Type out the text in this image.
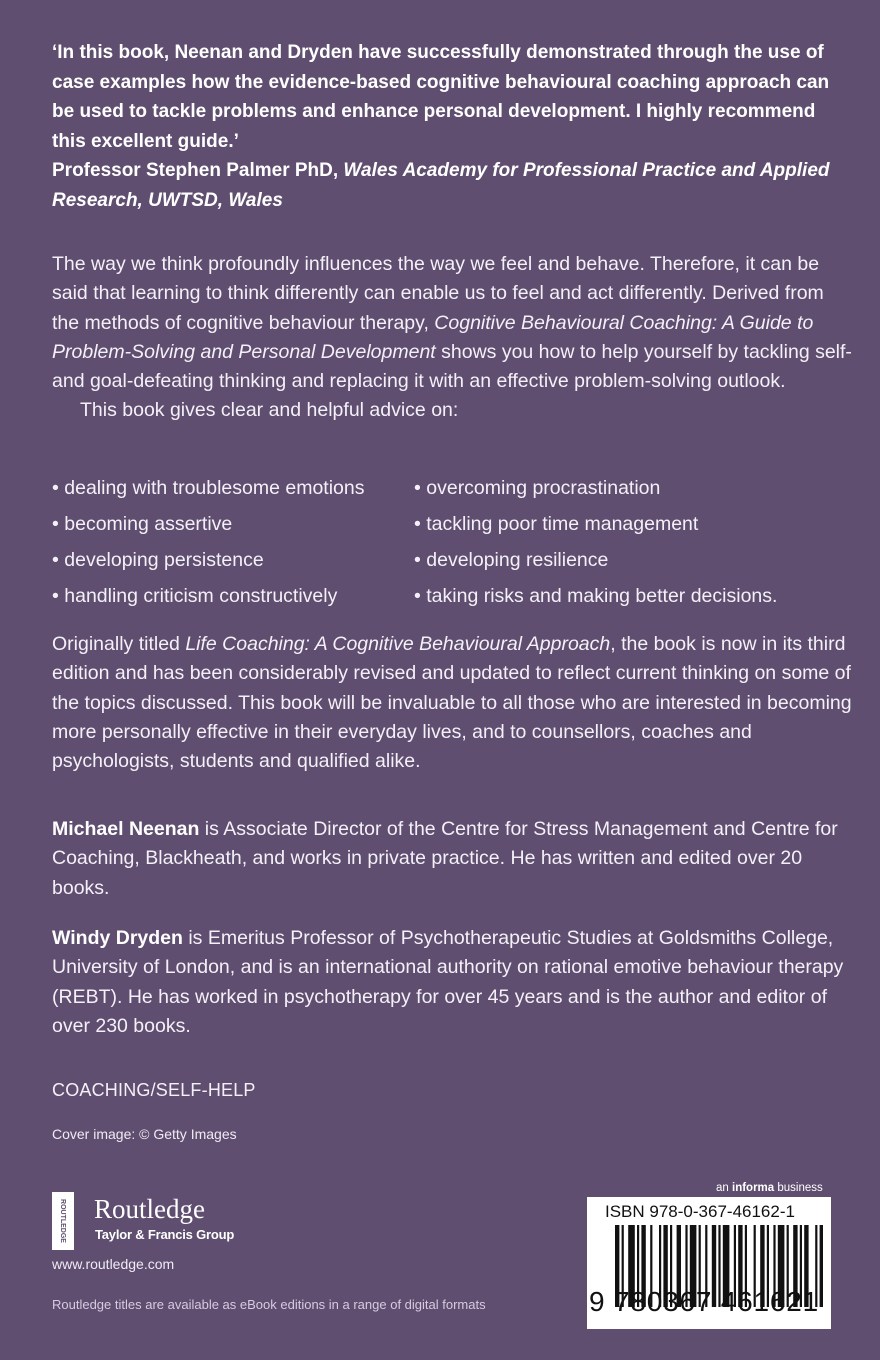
‘In this book, Neenan and Dryden have successfully demonstrated through the use of case examples how the evidence-based cognitive behavioural coaching approach can be used to tackle problems and enhance personal development. I highly recommend this excellent guide.’
Professor Stephen Palmer PhD, Wales Academy for Professional Practice and Applied Research, UWTSD, Wales
The way we think profoundly influences the way we feel and behave. Therefore, it can be said that learning to think differently can enable us to feel and act differently. Derived from the methods of cognitive behaviour therapy, Cognitive Behavioural Coaching: A Guide to Problem-Solving and Personal Development shows you how to help yourself by tackling self- and goal-defeating thinking and replacing it with an effective problem-solving outlook.
This book gives clear and helpful advice on:
• dealing with troublesome emotions	• overcoming procrastination
• becoming assertive	• tackling poor time management
• developing persistence	• developing resilience
• handling criticism constructively	• taking risks and making better decisions.
Originally titled Life Coaching: A Cognitive Behavioural Approach, the book is now in its third edition and has been considerably revised and updated to reflect current thinking on some of the topics discussed. This book will be invaluable to all those who are interested in becoming more personally effective in their everyday lives, and to counsellors, coaches and psychologists, students and qualified alike.
Michael Neenan is Associate Director of the Centre for Stress Management and Centre for Coaching, Blackheath, and works in private practice. He has written and edited over 20 books.
Windy Dryden is Emeritus Professor of Psychotherapeutic Studies at Goldsmiths College, University of London, and is an international authority on rational emotive behaviour therapy (REBT). He has worked in psychotherapy for over 45 years and is the author and editor of over 230 books.
COACHING/SELF-HELP
Cover image: © Getty Images
ROUTLEDGE Routledge
Taylor & Francis Group
www.routledge.com
Routledge titles are available as eBook editions in a range of digital formats
an informa business
ISBN 978-0-367-46162-1
9 780367 461621
